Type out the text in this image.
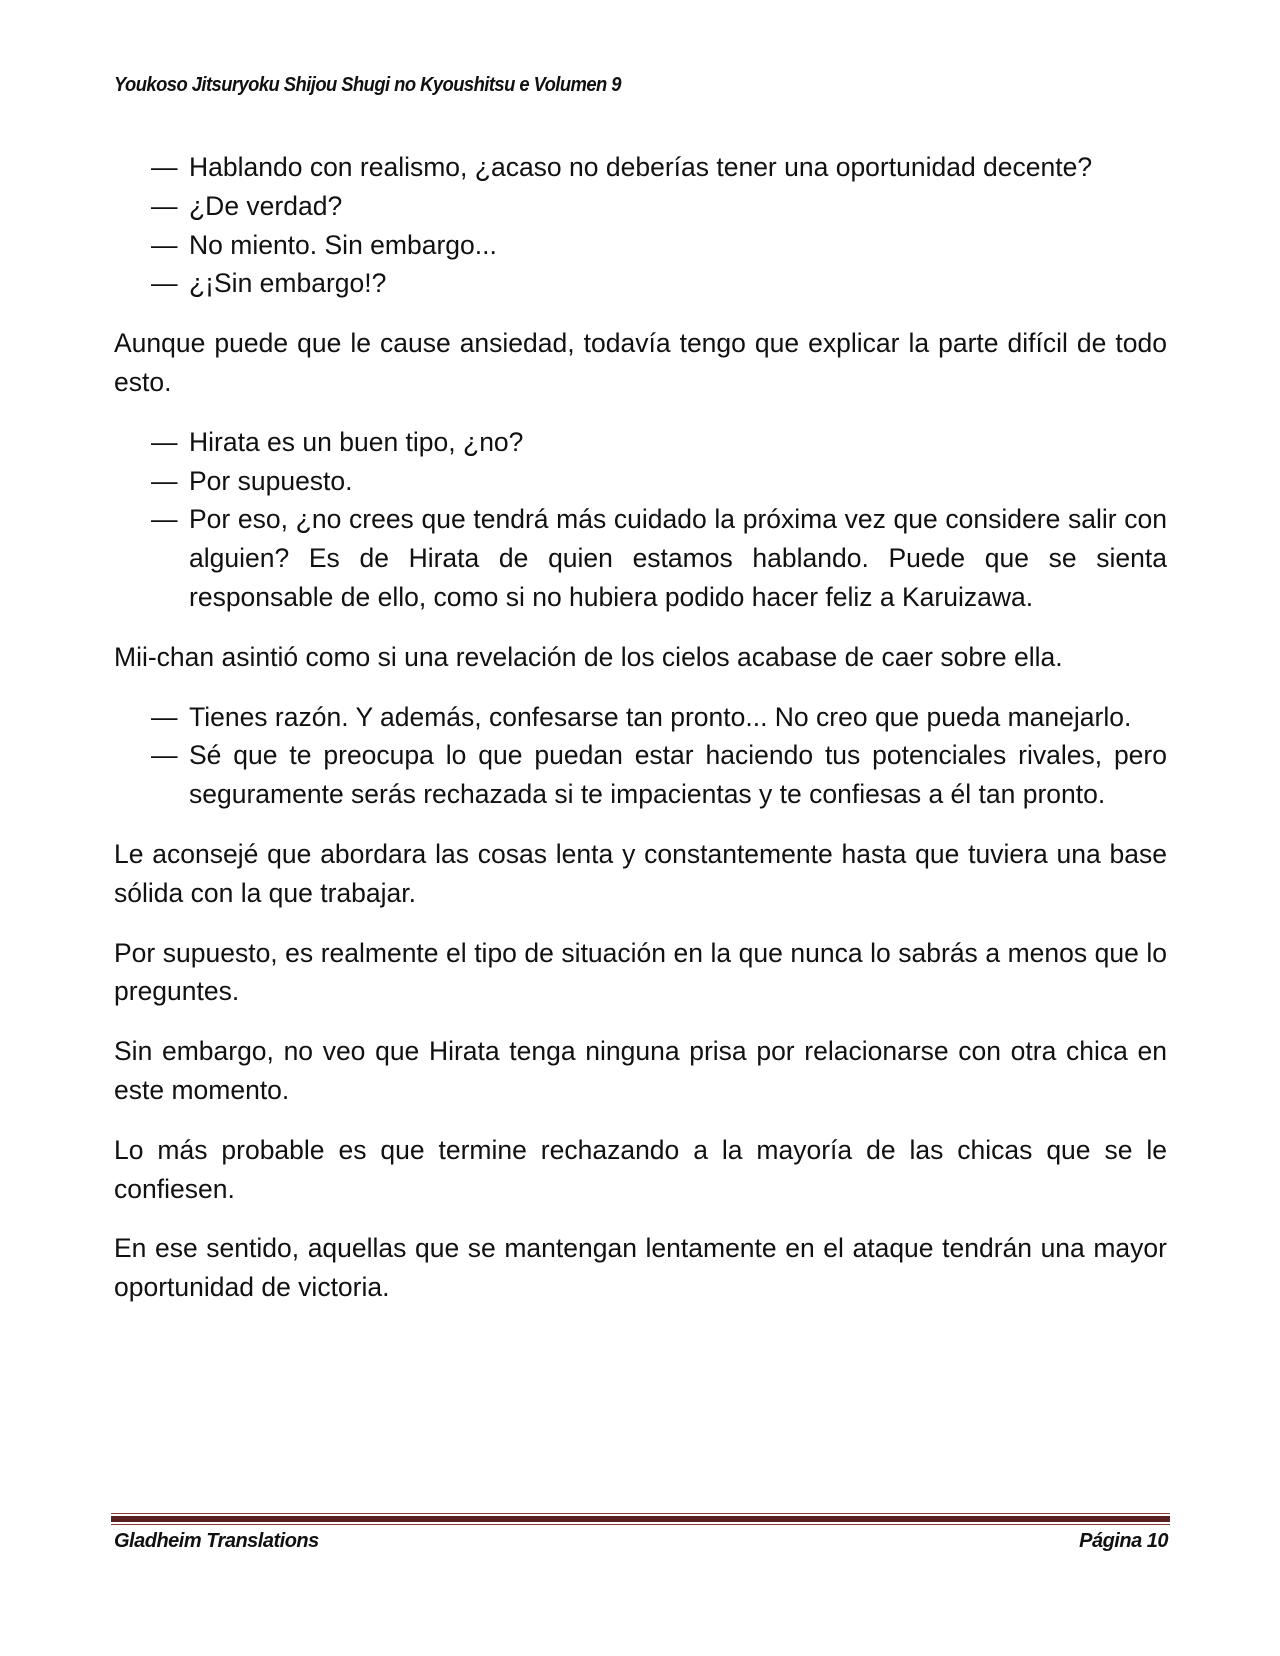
Youkoso Jitsuryoku Shijou Shugi no Kyoushitsu e Volumen 9
— Hablando con realismo, ¿acaso no deberías tener una oportunidad decente?
— ¿De verdad?
— No miento. Sin embargo...
— ¿¡Sin embargo!?

Aunque puede que le cause ansiedad, todavía tengo que explicar la parte difícil de todo esto.

— Hirata es un buen tipo, ¿no?
— Por supuesto.
— Por eso, ¿no crees que tendrá más cuidado la próxima vez que considere salir con alguien? Es de Hirata de quien estamos hablando. Puede que se sienta responsable de ello, como si no hubiera podido hacer feliz a Karuizawa.

Mii-chan asintió como si una revelación de los cielos acabase de caer sobre ella.

— Tienes razón. Y además, confesarse tan pronto... No creo que pueda manejarlo.
— Sé que te preocupa lo que puedan estar haciendo tus potenciales rivales, pero seguramente serás rechazada si te impacientas y te confiesas a él tan pronto.

Le aconsejé que abordara las cosas lenta y constantemente hasta que tuviera una base sólida con la que trabajar.

Por supuesto, es realmente el tipo de situación en la que nunca lo sabrás a menos que lo preguntes.

Sin embargo, no veo que Hirata tenga ninguna prisa por relacionarse con otra chica en este momento.

Lo más probable es que termine rechazando a la mayoría de las chicas que se le confiesen.

En ese sentido, aquellas que se mantengan lentamente en el ataque tendrán una mayor oportunidad de victoria.

Gladheim Translations	Página 10
